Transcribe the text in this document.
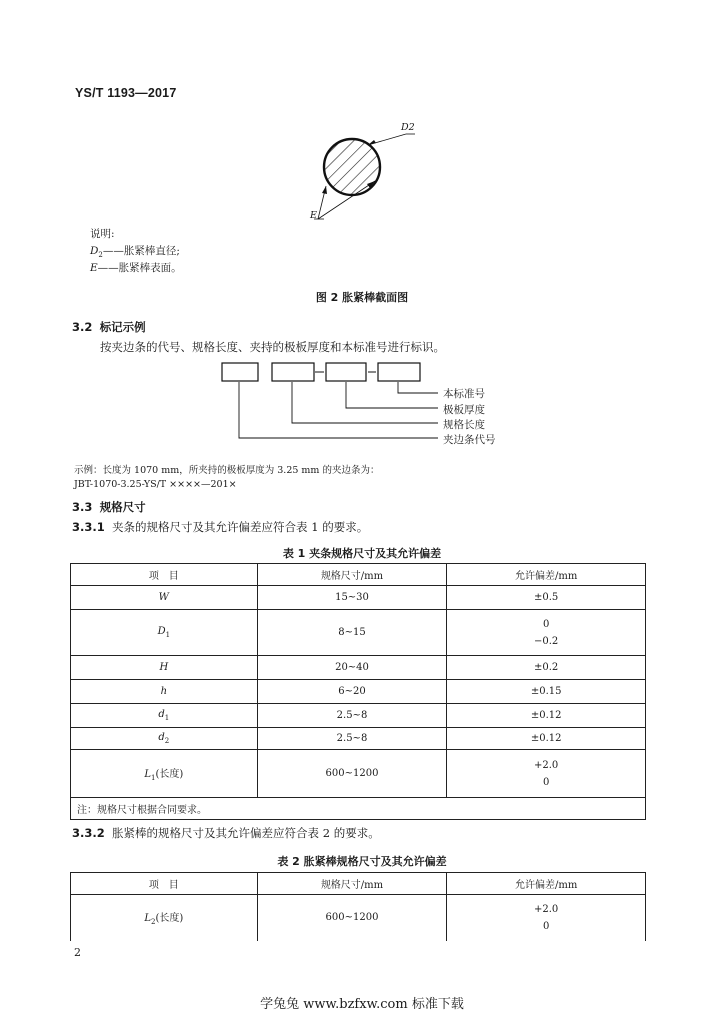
YS/T 1193—2017
D2
E
说明:
$D_2——$胀紧棒直径;
E——胀紧棒表面。
图 2 胀紧棒截面图
3.2 标记示例
按夹边条的代号、规格长度、夹持的极板厚度和本标准号进行标识。
本标准号
极板厚度
规格长度
夹边条代号
示例：长度为 1070 mm，所夹持的极板厚度为 3.25 mm 的夹边条为：
JBT-1070-3.25-YS/T ××××—201×
3.3 规格尺寸
3.3.1 夹条的规格尺寸及其允许偏差应符合表 1 的要求。
表 1 夹条规格尺寸及其允许偏差
项　目	规格尺寸/mm	允许偏差/mm
W	15~30	±0.5
$D_1$	8~15	0
−0.2

H	20~40	±0.2
h	6~20	±0.15
$d_1$	2.5~8	±0.12
$d_2$	2.5~8	±0.12
$L_1$(长度)	600~1200	+2.0
0

注：规格尺寸根据合同要求。		
3.3.2 胀紧棒的规格尺寸及其允许偏差应符合表 2 的要求。
表 2 胀紧棒规格尺寸及其允许偏差
项　目	规格尺寸/mm	允许偏差/mm
$L_2$(长度)	600~1200	+2.0
0
2
学兔兔 www.bzfxw.com 标准下载
